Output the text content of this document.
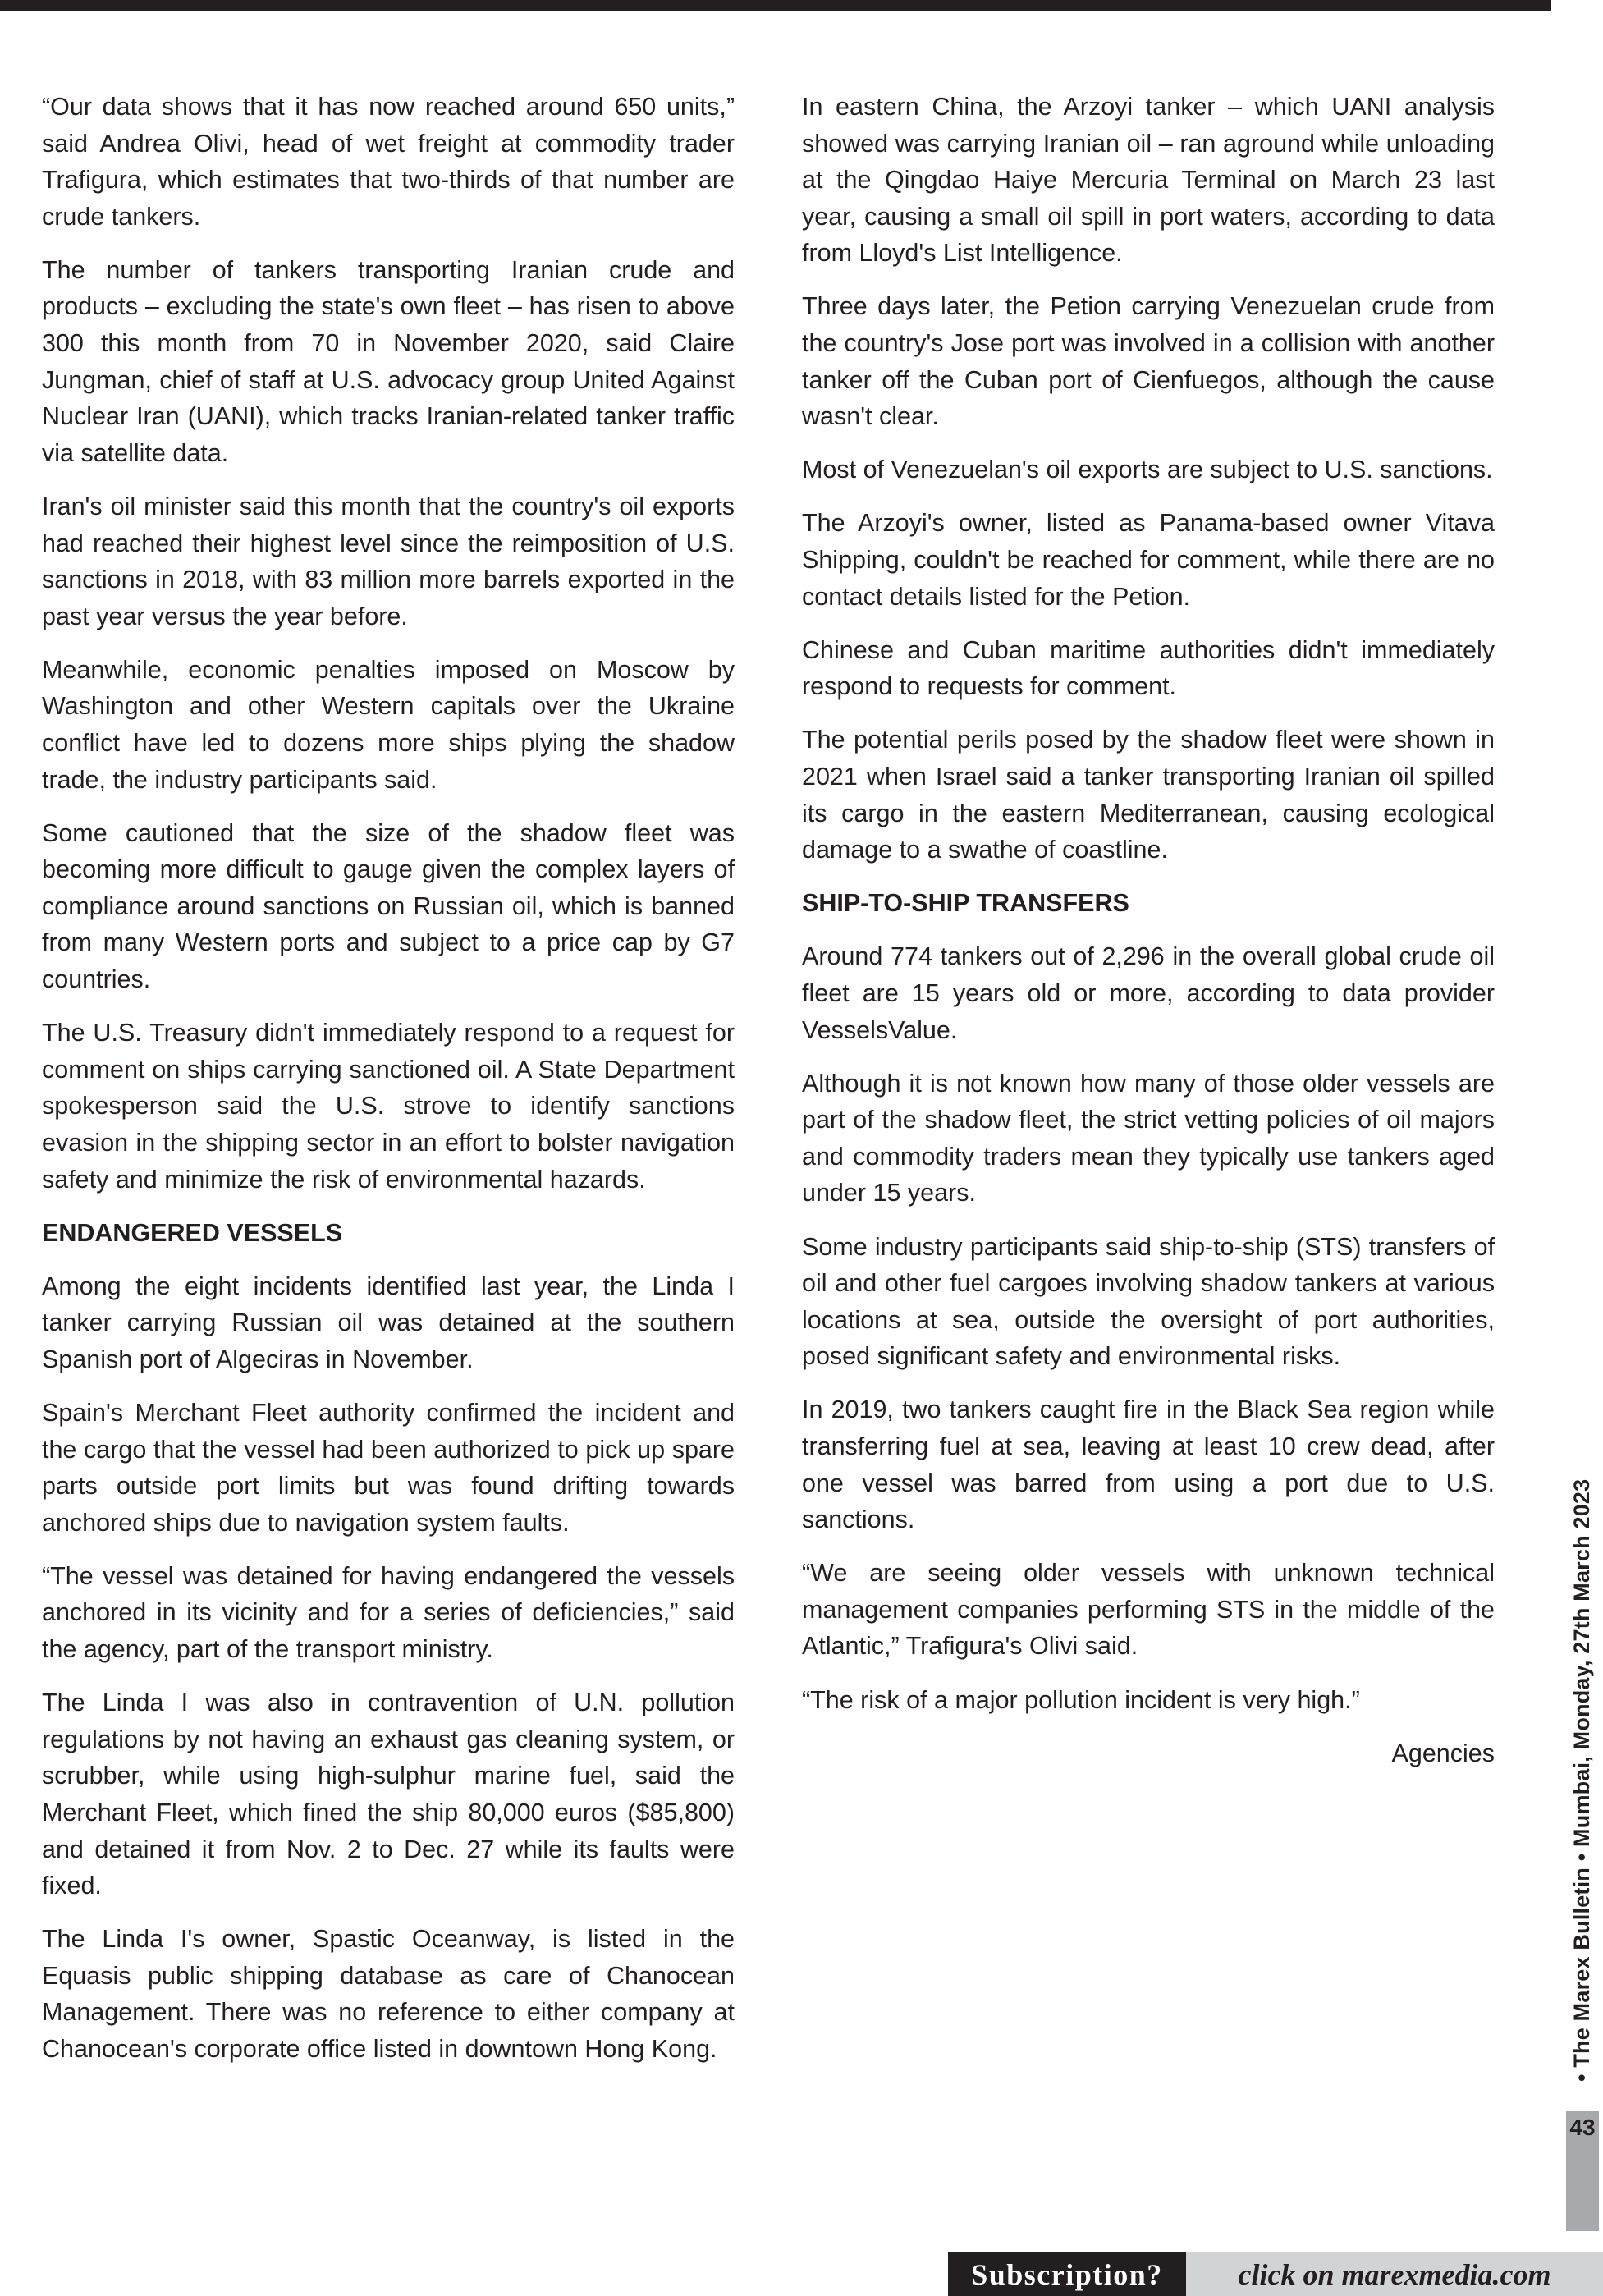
“Our data shows that it has now reached around 650 units,” said Andrea Olivi, head of wet freight at commodity trader Trafigura, which estimates that two-thirds of that number are crude tankers.

The number of tankers transporting Iranian crude and products – excluding the state's own fleet – has risen to above 300 this month from 70 in November 2020, said Claire Jungman, chief of staff at U.S. advocacy group United Against Nuclear Iran (UANI), which tracks Iranian-related tanker traffic via satellite data.

Iran's oil minister said this month that the country's oil exports had reached their highest level since the reimposition of U.S. sanctions in 2018, with 83 million more barrels exported in the past year versus the year before.

Meanwhile, economic penalties imposed on Moscow by Washington and other Western capitals over the Ukraine conflict have led to dozens more ships plying the shadow trade, the industry participants said.

Some cautioned that the size of the shadow fleet was becoming more difficult to gauge given the complex layers of compliance around sanctions on Russian oil, which is banned from many Western ports and subject to a price cap by G7 countries.

The U.S. Treasury didn't immediately respond to a request for comment on ships carrying sanctioned oil. A State Department spokesperson said the U.S. strove to identify sanctions evasion in the shipping sector in an effort to bolster navigation safety and minimize the risk of environmental hazards.

ENDANGERED VESSELS

Among the eight incidents identified last year, the Linda I tanker carrying Russian oil was detained at the southern Spanish port of Algeciras in November.

Spain's Merchant Fleet authority confirmed the incident and the cargo that the vessel had been authorized to pick up spare parts outside port limits but was found drifting towards anchored ships due to navigation system faults.

“The vessel was detained for having endangered the vessels anchored in its vicinity and for a series of deficiencies,” said the agency, part of the transport ministry.

The Linda I was also in contravention of U.N. pollution regulations by not having an exhaust gas cleaning system, or scrubber, while using high-sulphur marine fuel, said the Merchant Fleet, which fined the ship 80,000 euros ($85,800) and detained it from Nov. 2 to Dec. 27 while its faults were fixed.

The Linda I's owner, Spastic Oceanway, is listed in the Equasis public shipping database as care of Chanocean Management. There was no reference to either company at Chanocean's corporate office listed in downtown Hong Kong.

In eastern China, the Arzoyi tanker – which UANI analysis showed was carrying Iranian oil – ran aground while unloading at the Qingdao Haiye Mercuria Terminal on March 23 last year, causing a small oil spill in port waters, according to data from Lloyd's List Intelligence.

Three days later, the Petion carrying Venezuelan crude from the country's Jose port was involved in a collision with another tanker off the Cuban port of Cienfuegos, although the cause wasn't clear.

Most of Venezuelan's oil exports are subject to U.S. sanctions.

The Arzoyi's owner, listed as Panama-based owner Vitava Shipping, couldn't be reached for comment, while there are no contact details listed for the Petion.

Chinese and Cuban maritime authorities didn't immediately respond to requests for comment.

The potential perils posed by the shadow fleet were shown in 2021 when Israel said a tanker transporting Iranian oil spilled its cargo in the eastern Mediterranean, causing ecological damage to a swathe of coastline.

SHIP-TO-SHIP TRANSFERS

Around 774 tankers out of 2,296 in the overall global crude oil fleet are 15 years old or more, according to data provider VesselsValue.

Although it is not known how many of those older vessels are part of the shadow fleet, the strict vetting policies of oil majors and commodity traders mean they typically use tankers aged under 15 years.

Some industry participants said ship-to-ship (STS) transfers of oil and other fuel cargoes involving shadow tankers at various locations at sea, outside the oversight of port authorities, posed significant safety and environmental risks.

In 2019, two tankers caught fire in the Black Sea region while transferring fuel at sea, leaving at least 10 crew dead, after one vessel was barred from using a port due to U.S. sanctions.

“We are seeing older vessels with unknown technical management companies performing STS in the middle of the Atlantic,” Trafigura's Olivi said.

“The risk of a major pollution incident is very high.”

Agencies	• The Marex Bulletin • Mumbai, Monday, 27th March 2023
43
Subscription?	click on marexmedia.com
